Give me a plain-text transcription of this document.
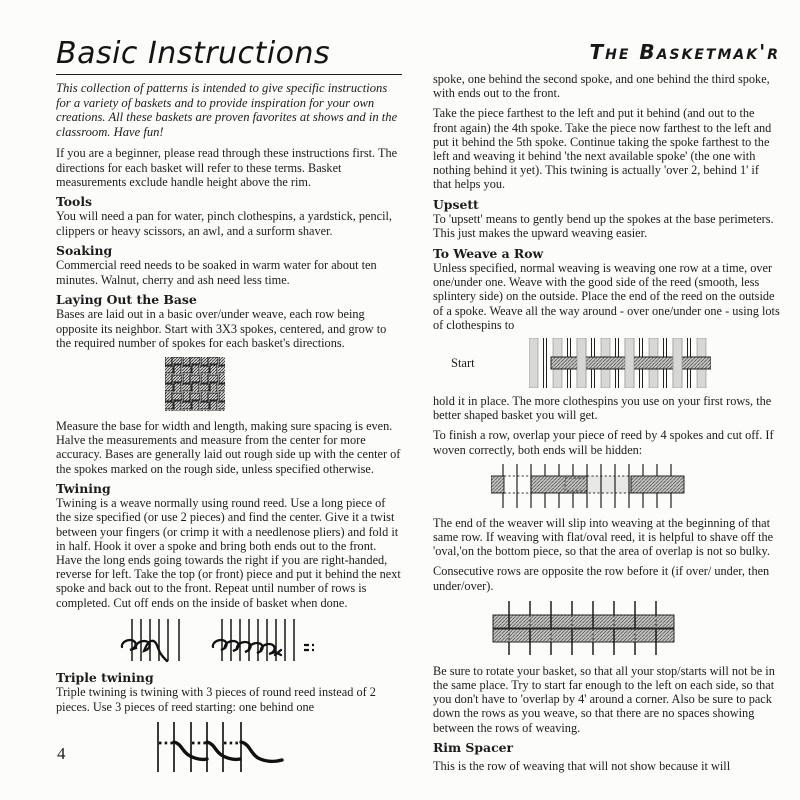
Basic Instructions

This collection of patterns is intended to give specific instructions for a variety of baskets and to provide inspiration for your own creations. All these baskets are proven favorites at shows and in the classroom. Have fun!

If you are a beginner, please read through these instructions first. The directions for each basket will refer to these terms. Basket measurements exclude handle height above the rim.

Tools
You will need a pan for water, pinch clothespins, a yardstick, pencil, clippers or heavy scissors, an awl, and a surform shaver.
Soaking
Commercial reed needs to be soaked in warm water for about ten minutes. Walnut, cherry and ash need less time.
Laying Out the Base
Bases are laid out in a basic over/under weave, each row being opposite its neighbor. Start with 3X3 spokes, centered, and grow to the required number of spokes for each basket's directions.

Measure the base for width and length, making sure spacing is even. Halve the measurements and measure from the center for more accuracy. Bases are generally laid out rough side up with the center of the spokes marked on the rough side, unless specified otherwise.

Twining
Twining is a weave normally using round reed. Use a long piece of the size specified (or use 2 pieces) and find the center. Give it a twist between your fingers (or crimp it with a needlenose pliers) and fold it in half. Hook it over a spoke and bring both ends out to the front. Have the long ends going towards the right if you are right-handed, reverse for left. Take the top (or front) piece and put it behind the next spoke and back out to the front. Repeat until number of rows is completed. Cut off ends on the inside of basket when done.
Triple twining
Triple twining is twining with 3 pieces of round reed instead of 2 pieces. Use 3 pieces of reed starting: one behind one
The Basketmak'r

spoke, one behind the second spoke, and one behind the third spoke, with ends out to the front.

Take the piece farthest to the left and put it behind (and out to the front again) the 4th spoke. Take the piece now farthest to the left and put it behind the 5th spoke. Continue taking the spoke farthest to the left and weaving it behind 'the next available spoke' (the one with nothing behind it yet). This twining is actually 'over 2, behind 1' if that helps you.

Upsett
To 'upsett' means to gently bend up the spokes at the base perimeters. This just makes the upward weaving easier.
To Weave a Row
Unless specified, normal weaving is weaving one row at a time, over one/under one. Weave with the good side of the reed (smooth, less splintery side) on the outside. Place the end of the reed on the outside of a spoke. Weave all the way around - over one/under one - using lots of clothespins to
Start

hold it in place. The more clothespins you use on your first rows, the better shaped basket you will get.

To finish a row, overlap your piece of reed by 4 spokes and cut off. If woven correctly, both ends will be hidden:

The end of the weaver will slip into weaving at the beginning of that same row. If weaving with flat/oval reed, it is helpful to shave off the 'oval,'on the bottom piece, so that the area of overlap is not so bulky.

Consecutive rows are opposite the row before it (if over/ under, then under/over).

Be sure to rotate your basket, so that all your stop/starts will not be in the same place. Try to start far enough to the left on each side, so that you don't have to 'overlap by 4' around a corner. Also be sure to pack down the rows as you weave, so that there are no spaces showing between the rows of weaving.

Rim Spacer
This is the row of weaving that will not show because it will
4
